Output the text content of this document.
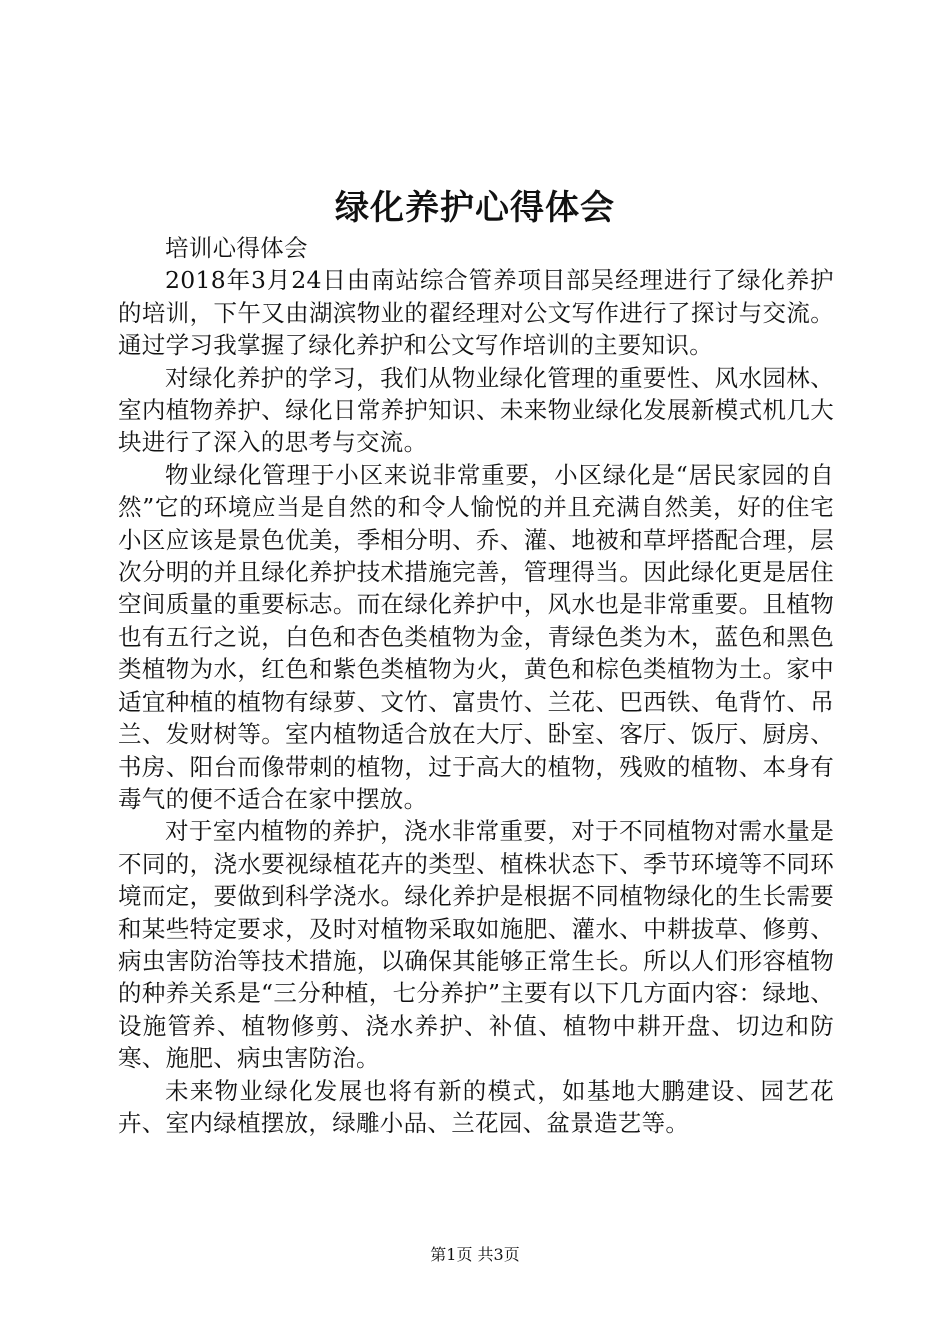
绿化养护心得体会

培训心得体会

2018年3月24日由南站综合管养项目部吴经理进行了绿化养护的培训，下午又由湖滨物业的翟经理对公文写作进行了探讨与交流。通过学习我掌握了绿化养护和公文写作培训的主要知识。

对绿化养护的学习，我们从物业绿化管理的重要性、风水园林、室内植物养护、绿化日常养护知识、未来物业绿化发展新模式机几大块进行了深入的思考与交流。

物业绿化管理于小区来说非常重要，小区绿化是“居民家园的自然”它的环境应当是自然的和令人愉悦的并且充满自然美，好的住宅小区应该是景色优美，季相分明、乔、灌、地被和草坪搭配合理，层次分明的并且绿化养护技术措施完善，管理得当。因此绿化更是居住空间质量的重要标志。而在绿化养护中，风水也是非常重要。且植物也有五行之说，白色和杏色类植物为金，青绿色类为木，蓝色和黑色类植物为水，红色和紫色类植物为火，黄色和棕色类植物为土。家中适宜种植的植物有绿萝、文竹、富贵竹、兰花、巴西铁、龟背竹、吊兰、发财树等。室内植物适合放在大厅、卧室、客厅、饭厅、厨房、书房、阳台而像带刺的植物，过于高大的植物，残败的植物、本身有毒气的便不适合在家中摆放。

对于室内植物的养护，浇水非常重要，对于不同植物对需水量是不同的，浇水要视绿植花卉的类型、植株状态下、季节环境等不同环境而定，要做到科学浇水。绿化养护是根据不同植物绿化的生长需要和某些特定要求，及时对植物采取如施肥、灌水、中耕拔草、修剪、病虫害防治等技术措施，以确保其能够正常生长。所以人们形容植物的种养关系是“三分种植，七分养护”主要有以下几方面内容：绿地、设施管养、植物修剪、浇水养护、补值、植物中耕开盘、切边和防寒、施肥、病虫害防治。

未来物业绿化发展也将有新的模式，如基地大鹏建设、园艺花卉、室内绿植摆放，绿雕小品、兰花园、盆景造艺等。

第1页 共3页
